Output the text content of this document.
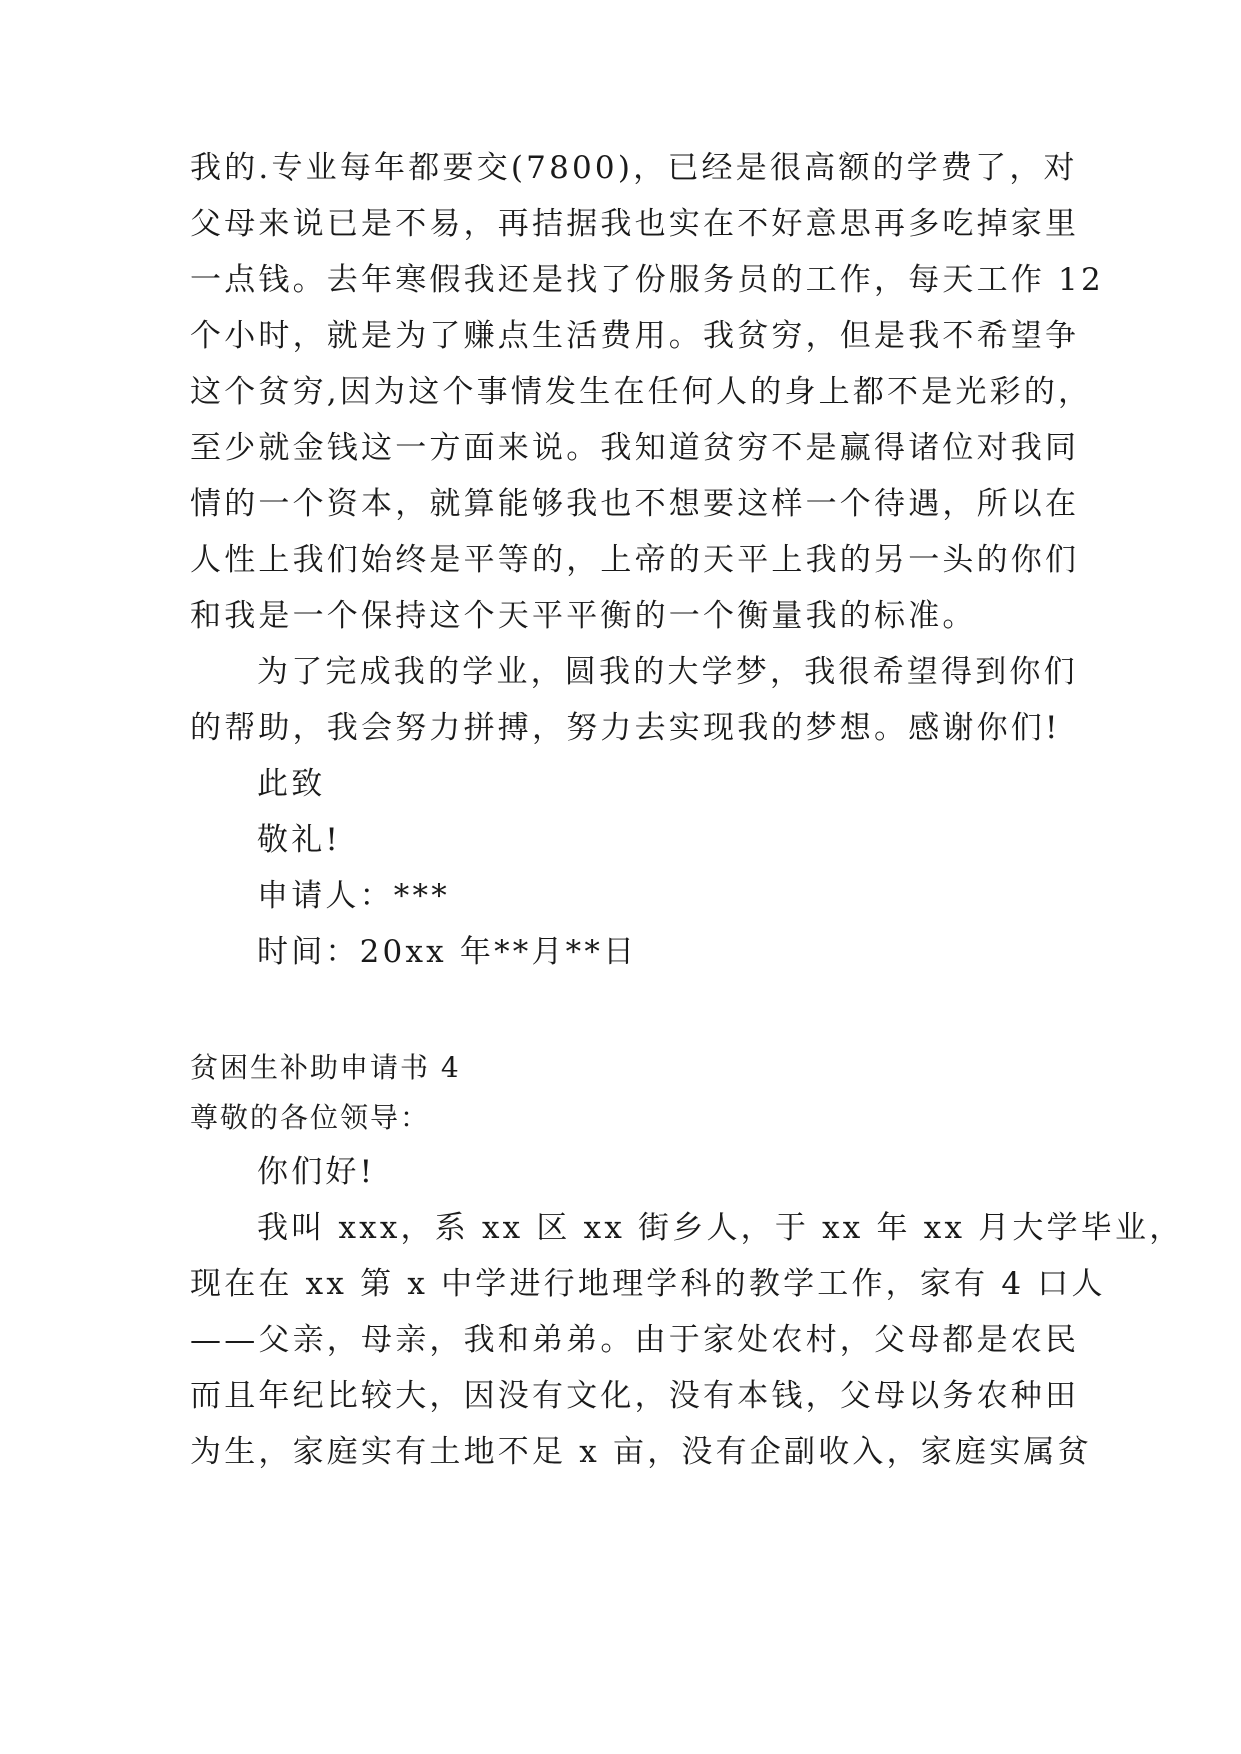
我的.专业每年都要交(7800)，已经是很高额的学费了，对
父母来说已是不易，再拮据我也实在不好意思再多吃掉家里
一点钱。去年寒假我还是找了份服务员的工作，每天工作 12
个小时，就是为了赚点生活费用。我贫穷，但是我不希望争
这个贫穷,因为这个事情发生在任何人的身上都不是光彩的，
至少就金钱这一方面来说。我知道贫穷不是赢得诸位对我同
情的一个资本，就算能够我也不想要这样一个待遇，所以在
人性上我们始终是平等的，上帝的天平上我的另一头的你们
和我是一个保持这个天平平衡的一个衡量我的标准。
为了完成我的学业，圆我的大学梦，我很希望得到你们
的帮助，我会努力拼搏，努力去实现我的梦想。感谢你们!
此致
敬礼!
申请人：***
时间：20xx 年**月**日
贫困生补助申请书 4
尊敬的各位领导：
你们好!
我叫 xxx，系 xx 区 xx 街乡人，于 xx 年 xx 月大学毕业，
现在在 xx 第 x 中学进行地理学科的教学工作，家有 4 口人
——父亲，母亲，我和弟弟。由于家处农村，父母都是农民
而且年纪比较大，因没有文化，没有本钱，父母以务农种田
为生，家庭实有土地不足 x 亩，没有企副收入，家庭实属贫
